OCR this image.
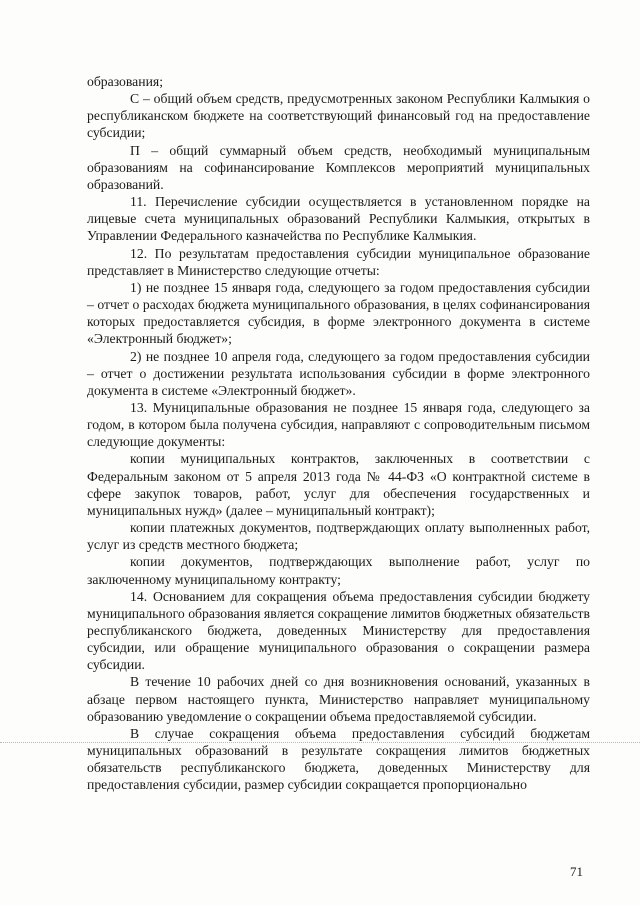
образования;

С – общий объем средств, предусмотренных законом Республики Калмыкия о республиканском бюджете на соответствующий финансовый год на предоставление субсидии;

П – общий суммарный объем средств, необходимый муниципальным образованиям на софинансирование Комплексов мероприятий муниципальных образований.

11. Перечисление субсидии осуществляется в установленном порядке на лицевые счета муниципальных образований Республики Калмыкия, открытых в Управлении Федерального казначейства по Республике Калмыкия.

12. По результатам предоставления субсидии муниципальное образование представляет в Министерство следующие отчеты:

1) не позднее 15 января года, следующего за годом предоставления субсидии – отчет о расходах бюджета муниципального образования, в целях софинансирования которых предоставляется субсидия, в форме электронного документа в системе «Электронный бюджет»;

2) не позднее 10 апреля года, следующего за годом предоставления субсидии – отчет о достижении результата использования субсидии в форме электронного документа в системе «Электронный бюджет».

13. Муниципальные образования не позднее 15 января года, следующего за годом, в котором была получена субсидия, направляют с сопроводительным письмом следующие документы:

копии муниципальных контрактов, заключенных в соответствии с Федеральным законом от 5 апреля 2013 года № 44-ФЗ «О контрактной системе в сфере закупок товаров, работ, услуг для обеспечения государственных и муниципальных нужд» (далее – муниципальный контракт);

копии платежных документов, подтверждающих оплату выполненных работ, услуг из средств местного бюджета;

копии документов, подтверждающих выполнение работ, услуг по заключенному муниципальному контракту;

14. Основанием для сокращения объема предоставления субсидии бюджету муниципального образования является сокращение лимитов бюджетных обязательств республиканского бюджета, доведенных Министерству для предоставления субсидии, или обращение муниципального образования о сокращении размера субсидии.

В течение 10 рабочих дней со дня возникновения оснований, указанных в абзаце первом настоящего пункта, Министерство направляет муниципальному образованию уведомление о сокращении объема предоставляемой субсидии.

В случае сокращения объема предоставления субсидий бюджетам муниципальных образований в результате сокращения лимитов бюджетных обязательств республиканского бюджета, доведенных Министерству для предоставления субсидии, размер субсидии сокращается пропорционально

71
